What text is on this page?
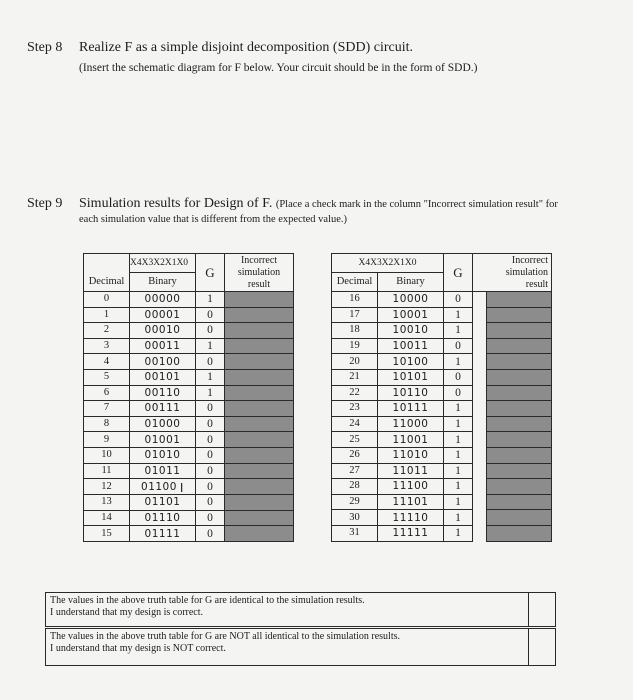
Step 8 Realize F as a simple disjoint decomposition (SDD) circuit.
(Insert the schematic diagram for F below. Your circuit should be in the form of SDD.)
Step 9 Simulation results for Design of F. (Place a check mark in the column "Incorrect simulation result" for
each simulation value that is different from the expected value.)
	X4X3X2X1X0	G	Incorrect
simulation
result
Decimal	Binary		
0	00000	1	
1	00001	0	
2	00010	0	
3	00011	1	
4	00100	0	
5	00101	1	
6	00110	1	
7	00111	0	
8	01000	0	
9	01001	0	
10	01010	0	
11	01011	0	
12	01100 I	0	
13	01101	0	
14	01110	0	
15	01111	0	
X4X3X2X1X0		G	Incorrect
simulation
result	
Decimal	Binary			
16	10000	0		
17	10001	1		
18	10010	1		
19	10011	0		
20	10100	1		
21	10101	0		
22	10110	0		
23	10111	1		
24	11000	1		
25	11001	1		
26	11010	1		
27	11011	1		
28	11100	1		
29	11101	1		
30	11110	1		
31	11111	1		
The values in the above truth table for G are identical to the simulation results.
I understand that my design is correct.
The values in the above truth table for G are NOT all identical to the simulation results.
I understand that my design is NOT correct.
